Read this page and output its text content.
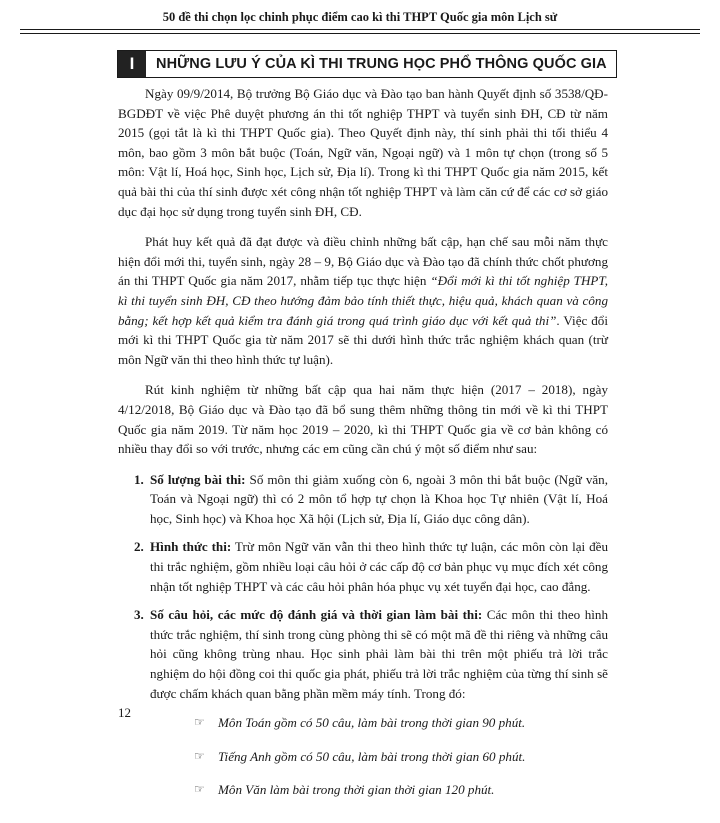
50 đề thi chọn lọc chinh phục điểm cao kì thi THPT Quốc gia môn Lịch sử
I	NHỮNG LƯU Ý CỦA KÌ THI TRUNG HỌC PHỔ THÔNG QUỐC GIA

Ngày 09/9/2014, Bộ trưởng Bộ Giáo dục và Đào tạo ban hành Quyết định số 3538/QĐ-BGDĐT về việc Phê duyệt phương án thi tốt nghiệp THPT và tuyển sinh ĐH, CĐ từ năm 2015 (gọi tắt là kì thi THPT Quốc gia). Theo Quyết định này, thí sinh phải thi tối thiểu 4 môn, bao gồm 3 môn bắt buộc (Toán, Ngữ văn, Ngoại ngữ) và 1 môn tự chọn (trong số 5 môn: Vật lí, Hoá học, Sinh học, Lịch sử, Địa lí). Trong kì thi THPT Quốc gia năm 2015, kết quả bài thi của thí sinh được xét công nhận tốt nghiệp THPT và làm căn cứ để các cơ sở giáo dục đại học sử dụng trong tuyển sinh ĐH, CĐ.

Phát huy kết quả đã đạt được và điều chỉnh những bất cập, hạn chế sau mỗi năm thực hiện đổi mới thi, tuyển sinh, ngày 28 – 9, Bộ Giáo dục và Đào tạo đã chính thức chốt phương án thi THPT Quốc gia năm 2017, nhằm tiếp tục thực hiện “Đổi mới kì thi tốt nghiệp THPT, kì thi tuyển sinh ĐH, CĐ theo hướng đảm bảo tính thiết thực, hiệu quả, khách quan và công bằng; kết hợp kết quả kiểm tra đánh giá trong quá trình giáo dục với kết quả thi”. Việc đổi mới kì thi THPT Quốc gia từ năm 2017 sẽ thi dưới hình thức trắc nghiệm khách quan (trừ môn Ngữ văn thi theo hình thức tự luận).

Rút kinh nghiệm từ những bất cập qua hai năm thực hiện (2017 – 2018), ngày 4/12/2018, Bộ Giáo dục và Đào tạo đã bổ sung thêm những thông tin mới về kì thi THPT Quốc gia năm 2019. Từ năm học 2019 – 2020, kì thi THPT Quốc gia về cơ bản không có nhiều thay đổi so với trước, nhưng các em cũng cần chú ý một số điểm như sau:

1. Số lượng bài thi: Số môn thi giảm xuống còn 6, ngoài 3 môn thi bắt buộc (Ngữ văn, Toán và Ngoại ngữ) thì có 2 môn tổ hợp tự chọn là Khoa học Tự nhiên (Vật lí, Hoá học, Sinh học) và Khoa học Xã hội (Lịch sử, Địa lí, Giáo dục công dân).
2. Hình thức thi: Trừ môn Ngữ văn vẫn thi theo hình thức tự luận, các môn còn lại đều thi trắc nghiệm, gồm nhiều loại câu hỏi ở các cấp độ cơ bản phục vụ mục đích xét công nhận tốt nghiệp THPT và các câu hỏi phân hóa phục vụ xét tuyển đại học, cao đẳng.
3. Số câu hỏi, các mức độ đánh giá và thời gian làm bài thi: Các môn thi theo hình thức trắc nghiệm, thí sinh trong cùng phòng thi sẽ có một mã đề thi riêng và những câu hỏi cũng không trùng nhau. Học sinh phải làm bài thi trên một phiếu trả lời trắc nghiệm do hội đồng coi thi quốc gia phát, phiếu trả lời trắc nghiệm của từng thí sinh sẽ được chấm khách quan bằng phần mềm máy tính. Trong đó:
☞	Môn Toán gồm có 50 câu, làm bài trong thời gian 90 phút.
☞	Tiếng Anh gồm có 50 câu, làm bài trong thời gian 60 phút.
☞	Môn Văn làm bài trong thời gian thời gian 120 phút.
12
